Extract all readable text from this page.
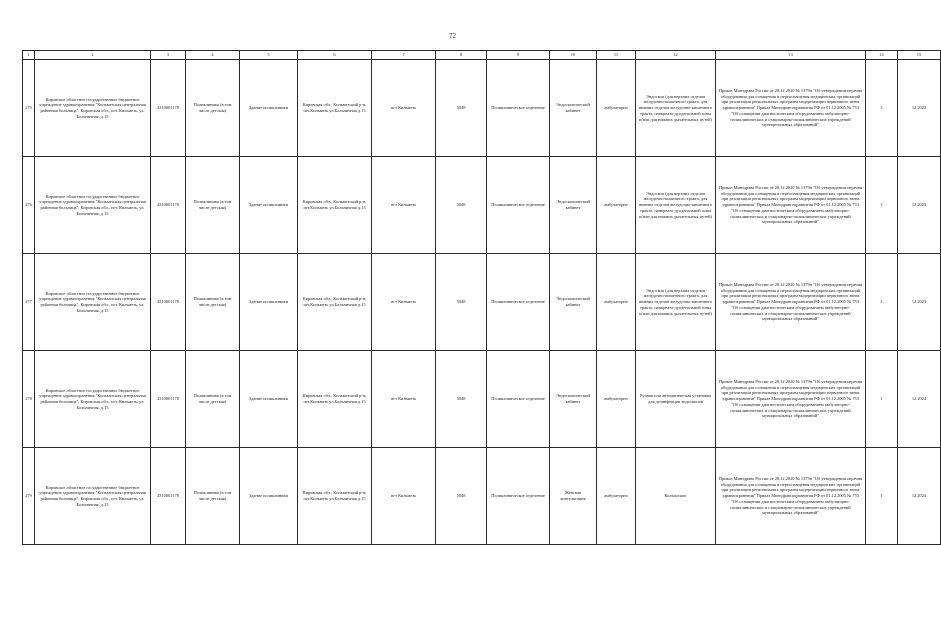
72
1	2	3	4	5	6	7	8	9	10	11	12	13	14	15
275	Кировское областное государственное бюджетное учреждение здравоохранения "Кильмезская центральная районная больница", Кировская обл., пгт. Кильмезь, ул. Больничная, д.15	4310001178	Поликлиника (в том числе детская)	Здание поликлиники	Кировская обл., Кильмезский р-н, пгт.Кильмезь ул.Больничная д.15	пгт Кильмезь	5048	Поликлиническое отделение	Эндоскопический кабинет	амбулаторно	Эндоскоп (для верхних отделов желудочно-кишечного тракта, для нижних отделов желудочно-кишечного тракта, панкреато-дуоденальной зоны и/или для нижних дыхательных путей)	Приказ Минздрава России от 28.12.2020 № 1379н "Об утверждении перечня оборудования для оснащения и переоснащения медицинских организаций при реализации региональных программ модернизации первичного звена здравоохранения" Приказ Минздравсоцразвития РФ от 01.12.2005 № 753 "Об оснащении диагностическим оборудованием амбулаторно-поликлинических и стационарно-поликлинических учреждений муниципальных образований"	1	12.2023
276	Кировское областное государственное бюджетное учреждение здравоохранения "Кильмезская центральная районная больница", Кировская обл., пгт. Кильмезь, ул. Больничная, д.15	4310001178	Поликлиника (в том числе детская)	Здание поликлиники	Кировская обл., Кильмезский р-н, пгт.Кильмезь ул.Больничная д.15	пгт Кильмезь	5048	Поликлиническое отделение	Эндоскопический кабинет	амбулаторно	Эндоскоп (для верхних отделов желудочно-кишечного тракта, для нижних отделов желудочно-кишечного тракта, панкреато-дуоденальной зоны и/или для нижних дыхательных путей)	Приказ Минздрава России от 28.12.2020 № 1379н "Об утверждении перечня оборудования для оснащения и переоснащения медицинских организаций при реализации региональных программ модернизации первичного звена здравоохранения" Приказ Минздравсоцразвития РФ от 01.12.2005 № 753 "Об оснащении диагностическим оборудованием амбулаторно-поликлинических и стационарно-поликлинических учреждений муниципальных образований"	1	12.2023
277	Кировское областное государственное бюджетное учреждение здравоохранения "Кильмезская центральная районная больница", Кировская обл., пгт. Кильмезь, ул. Больничная, д.15	4310001178	Поликлиника (в том числе детская)	Здание поликлиники	Кировская обл., Кильмезский р-н, пгт.Кильмезь ул.Больничная д.15	пгт Кильмезь	5048	Поликлиническое отделение	Эндоскопический кабинет	амбулаторно	Эндоскоп (для верхних отделов желудочно-кишечного тракта, для нижних отделов желудочно-кишечного тракта, панкреато-дуоденальной зоны и/или для нижних дыхательных путей)	Приказ Минздрава России от 28.12.2020 № 1379н "Об утверждении перечня оборудования для оснащения и переоснащения медицинских организаций при реализации региональных программ модернизации первичного звена здравоохранения" Приказ Минздравсоцразвития РФ от 01.12.2005 № 753 "Об оснащении диагностическим оборудованием амбулаторно-поликлинических и стационарно-поликлинических учреждений муниципальных образований"	1	12.2023
278	Кировское областное государственное бюджетное учреждение здравоохранения "Кильмезская центральная районная больница", Кировская обл., пгт. Кильмезь, ул. Больничная, д.15	4310001178	Поликлиника (в том числе детская)	Здание поликлиники	Кировская обл., Кильмезский р-н, пгт.Кильмезь ул.Больничная д.15	пгт Кильмезь	5048	Поликлиническое отделение	Эндоскопический кабинет	амбулаторно	Ручная или автоматическая установка для дезинфекции эндоскопов	Приказ Минздрава России от 28.12.2020 № 1379н "Об утверждении перечня оборудования для оснащения и переоснащения медицинских организаций при реализации региональных программ модернизации первичного звена здравоохранения" Приказ Минздравсоцразвития РФ от 01.12.2005 № 753 "Об оснащении диагностическим оборудованием амбулаторно-поликлинических и стационарно-поликлинических учреждений муниципальных образований"	1	12.2024
279	Кировское областное государственное бюджетное учреждение здравоохранения "Кильмезская центральная районная больница", Кировская обл., пгт. Кильмезь, ул. Больничная, д.15	4310001178	Поликлиника (в том числе детская)	Здание поликлиники	Кировская обл., Кильмезский р-н, пгт.Кильмезь ул.Больничная д.15	пгт Кильмезь	5048	Поликлиническое отделение	Женская консультация	амбулаторно	Кольпоскоп	Приказ Минздрава России от 28.12.2020 № 1379н "Об утверждении перечня оборудования для оснащения и переоснащения медицинских организаций при реализации региональных программ модернизации первичного звена здравоохранения" Приказ Минздравсоцразвития РФ от 01.12.2005 № 753 "Об оснащении диагностическим оборудованием амбулаторно-поликлинических и стационарно-поликлинических учреждений муниципальных образований"	1	12.2024
